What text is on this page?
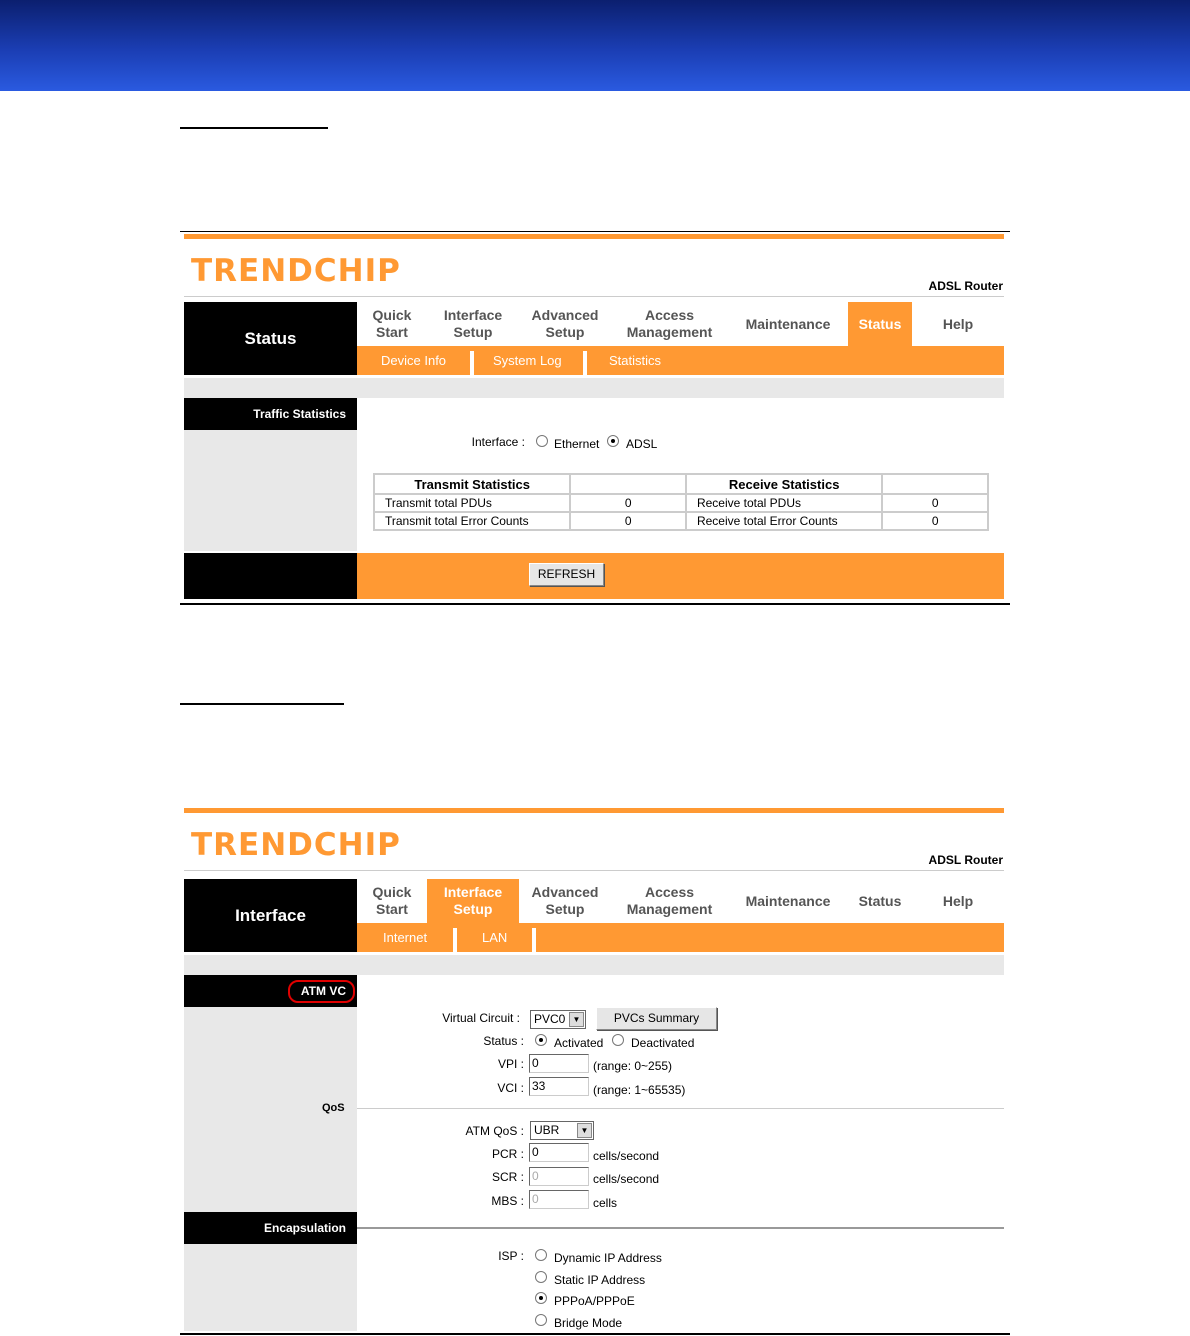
TRENDCHIP	ADSL Router
Status
Quick
Start
Interface
Setup
Advanced
Setup
Access
Management
Maintenance Status	Help
Device Info	System Log	Statistics
Traffic Statistics
Interface : Ethernet ADSL
Transmit Statistics		Receive Statistics	
Transmit total PDUs	0	Receive total PDUs	0
Transmit total Error Counts	0	Receive total Error Counts	0
REFRESH
TRENDCHIP	ADSL Router
Interface
Quick
Start
Interface
Setup
Advanced
Setup
Access
Management
Maintenance Status	Help
Internet	LAN
ATM VC
QoS
Encapsulation
Virtual Circuit :	PVC0 ▼	PVCs Summary
Status :	Activated Deactivated
VPI : 0	(range: 0~255)
VCI : 33	(range: 1~65535)
ATM QoS : UBR	▼
PCR : 0	cells/second
SCR : 0	cells/second
MBS : 0	cells
ISP :	Dynamic IP Address
Static IP Address
PPPoA/PPPoE
Bridge Mode
